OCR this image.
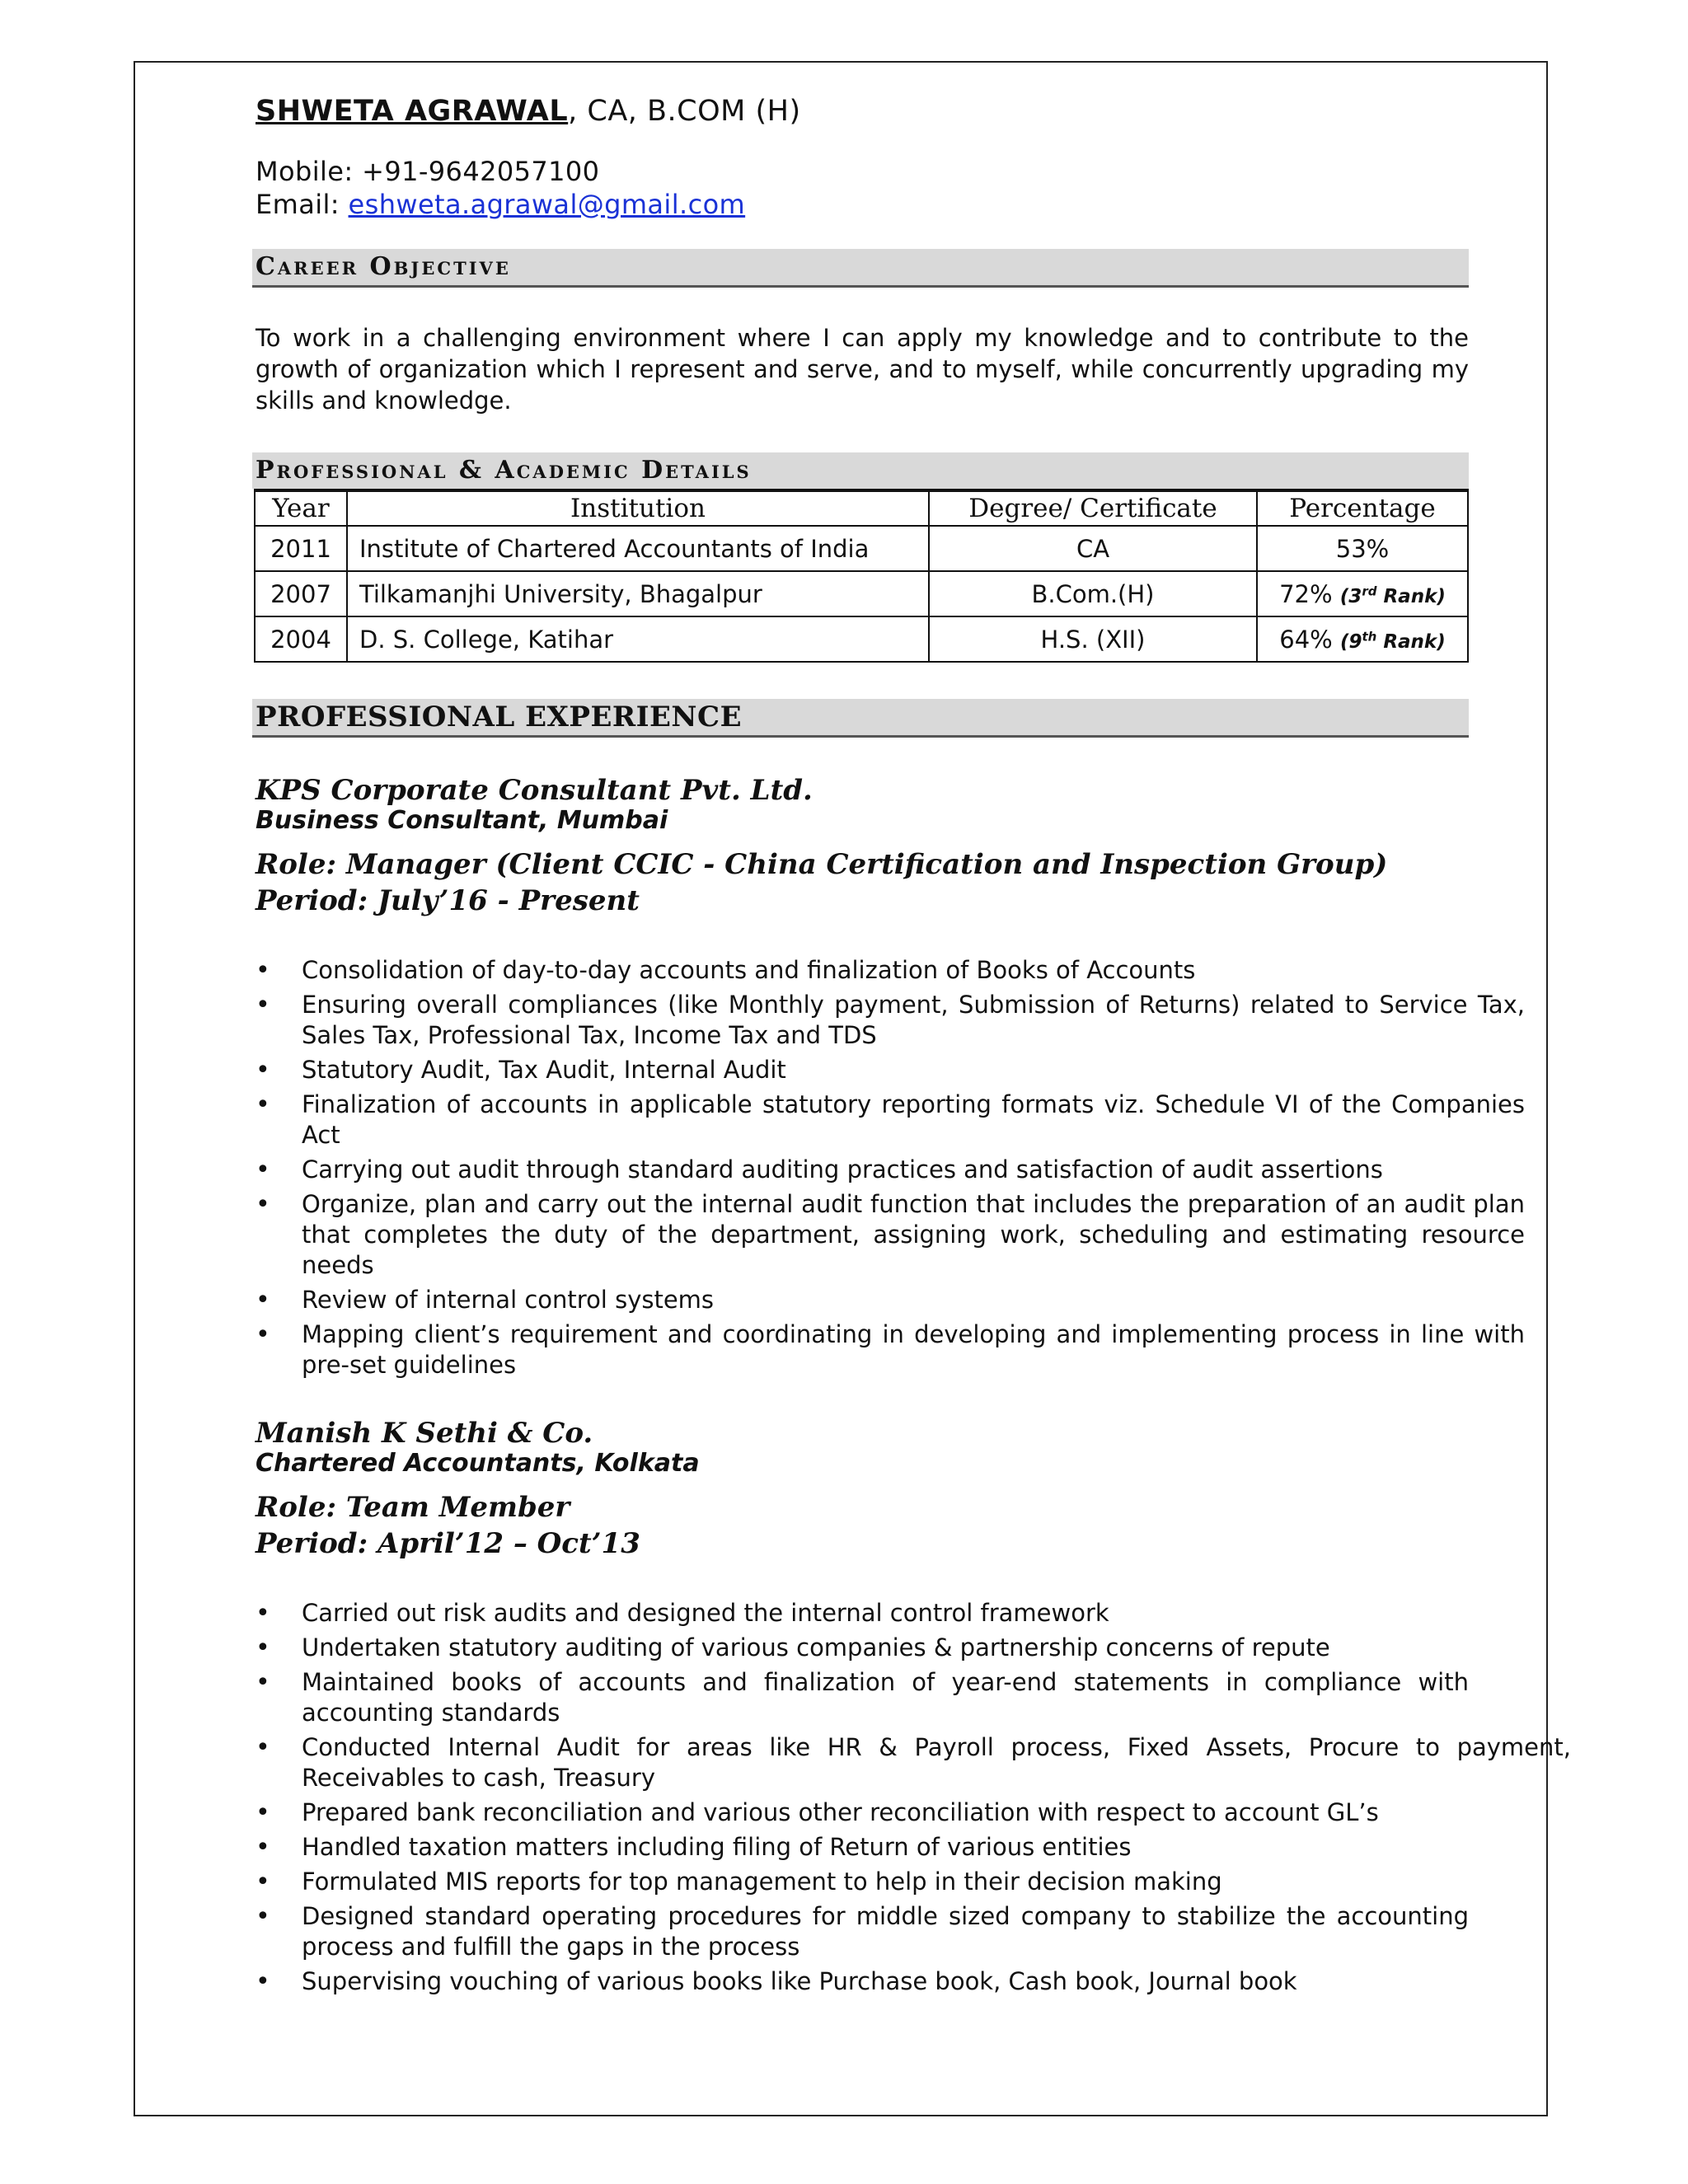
SHWETA AGRAWAL, CA, B.COM (H)

Mobile: +91-9642057100
Email: eshweta.agrawal@gmail.com
Career Objective
To work in a challenging environment where I can apply my knowledge and to contribute to the growth of organization which I represent and serve, and to myself, while concurrently upgrading my skills and knowledge.
Professional & Academic Details
Year	Institution	Degree/ Certificate	Percentage
2011	Institute of Chartered Accountants of India	CA	53%
2007	Tilkamanjhi University, Bhagalpur	B.Com.(H)	72% (3rd Rank)
2004	D. S. College, Katihar	H.S. (XII)	64% (9th Rank)
PROFESSIONAL EXPERIENCE

KPS Corporate Consultant Pvt. Ltd.

Business Consultant, Mumbai

Role: Manager (Client CCIC - China Certification and Inspection Group)

Period: July’16 - Present

•	Consolidation of day-to-day accounts and finalization of Books of Accounts
•	Ensuring overall compliances (like Monthly payment, Submission of Returns) related to Service Tax, Sales Tax, Professional Tax, Income Tax and TDS
•	Statutory Audit, Tax Audit, Internal Audit
•	Finalization of accounts in applicable statutory reporting formats viz. Schedule VI of the Companies Act
•	Carrying out audit through standard auditing practices and satisfaction of audit assertions
•	Organize, plan and carry out the internal audit function that includes the preparation of an audit plan that completes the duty of the department, assigning work, scheduling and estimating resource needs
•	Review of internal control systems
•	Mapping client’s requirement and coordinating in developing and implementing process in line with pre-set guidelines

Manish K Sethi & Co.

Chartered Accountants, Kolkata

Role: Team Member

Period: April’12 – Oct’13

•	Carried out risk audits and designed the internal control framework
•	Undertaken statutory auditing of various companies & partnership concerns of repute
•	Maintained books of accounts and finalization of year-end statements in compliance with accounting standards
•	Conducted Internal Audit for areas like HR & Payroll process, Fixed Assets, Procure to payment, Receivables to cash, Treasury
•	Prepared bank reconciliation and various other reconciliation with respect to account GL’s
•	Handled taxation matters including filing of Return of various entities
•	Formulated MIS reports for top management to help in their decision making
•	Designed standard operating procedures for middle sized company to stabilize the accounting process and fulfill the gaps in the process
•	Supervising vouching of various books like Purchase book, Cash book, Journal book
